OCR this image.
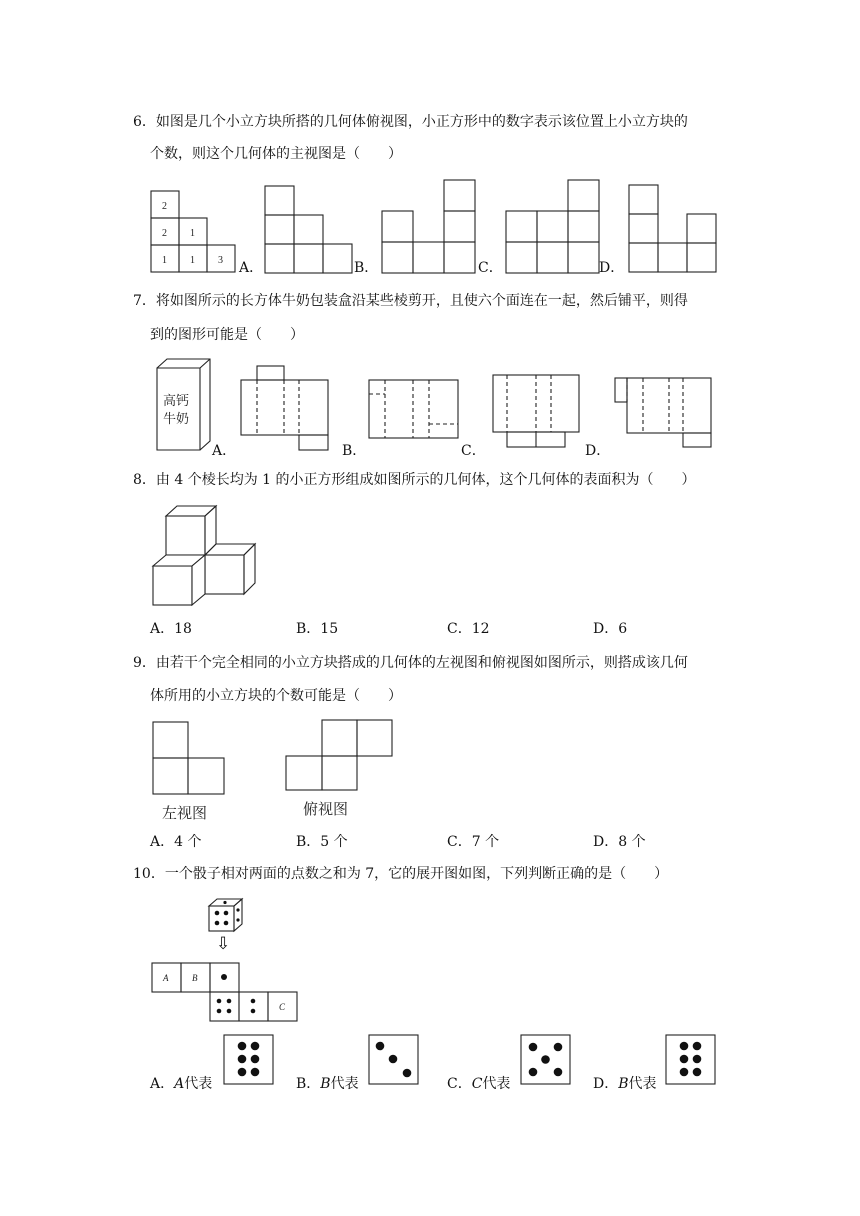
6．如图是几个小立方块所搭的几何体俯视图，小正方形中的数字表示该位置上小立方块的
个数，则这个几何体的主视图是（　　）
2
2 1
1 1 3 A．	B．	C．	D．
7．将如图所示的长方体牛奶包装盒沿某些棱剪开，且使六个面连在一起，然后铺平，则得
到的图形可能是（　　）
高钙
牛奶
A．	B．	C．	D．
8．由 4 个棱长均为 1 的小正方形组成如图所示的几何体，这个几何体的表面积为（　　）
A．18	B．15	C．12	D．6
9．由若干个完全相同的小立方块搭成的几何体的左视图和俯视图如图所示，则搭成该几何
体所用的小立方块的个数可能是（　　）
左视图	俯视图
A．4 个	B．5 个	C．7 个	D．8 个
10．一个骰子相对两面的点数之和为 7，它的展开图如图，下列判断正确的是（　　）
⇩
A	B
C
A．A代表	B．B代表	C．C代表	D．B代表
